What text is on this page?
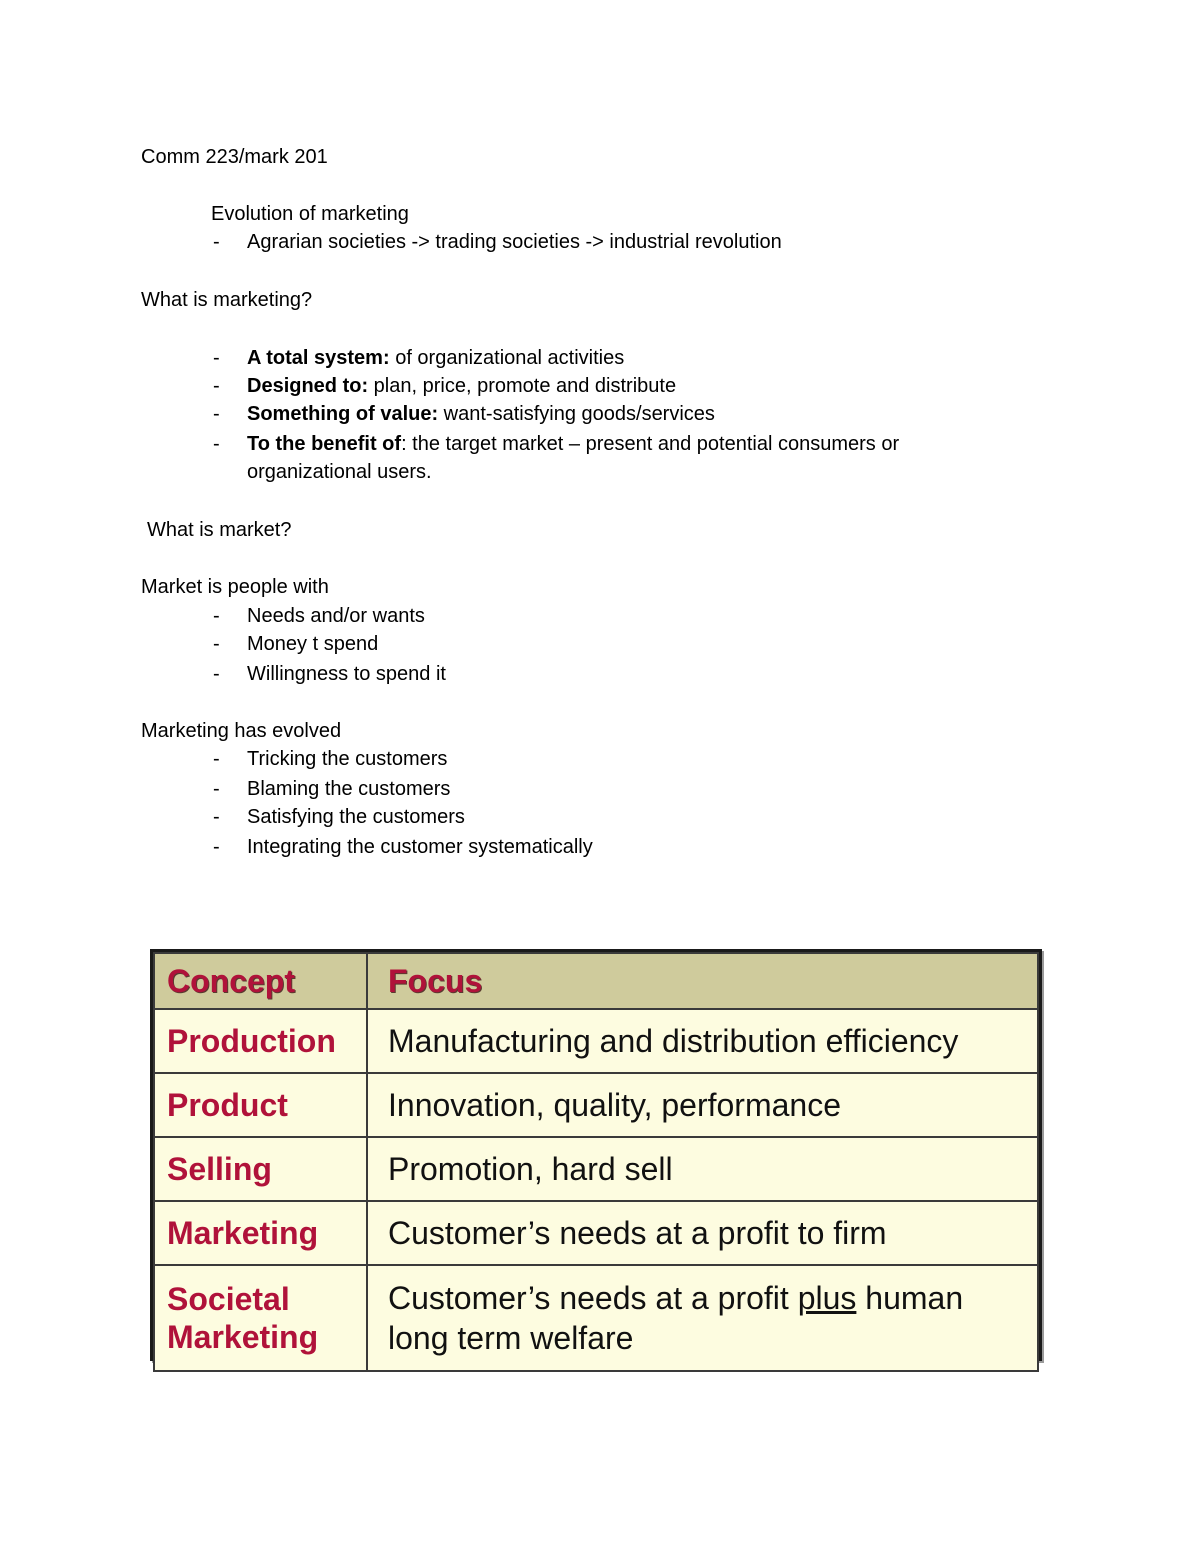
Comm 223/mark 201
Evolution of marketing
- Agrarian societies -> trading societies -> industrial revolution
What is marketing?
- A total system: of organizational activities
- Designed to: plan, price, promote and distribute
- Something of value: want-satisfying goods/services
- To the benefit of: the target market – present and potential consumers or
organizational users.
What is market?
Market is people with
- Needs and/or wants
- Money t spend
- Willingness to spend it
Marketing has evolved
- Tricking the customers
- Blaming the customers
- Satisfying the customers
- Integrating the customer systematically
Concept	Focus
Production	Manufacturing and distribution efficiency
Product	Innovation, quality, performance
Selling	Promotion, hard sell
Marketing	Customer’s needs at a profit to firm
Societal
Marketing	Customer’s needs at a profit plus human
long term welfare
